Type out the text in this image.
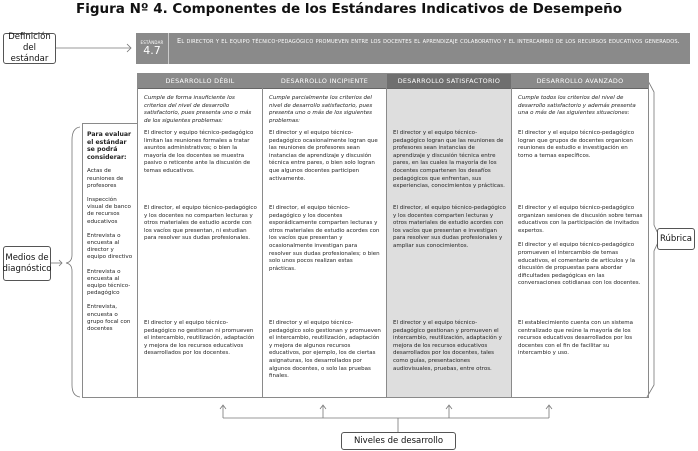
Figura Nº 4. Componentes de los Estándares Indicativos de Desempeño
Definición del estándar
Medios de diagnóstico
Rúbrica
Niveles de desarrollo
ESTÁNDAR
4.7
El director y el equipo técnico-pedagógico promueven entre los docentes el aprendizaje colaborativo y el intercambio de los recursos educativos generados.
Para evaluar el estándar se podrá considerar:
Actas de reuniones de profesores
Inspección visual de banco de recursos educativos
Entrevista o encuesta al director y equipo directivo
Entrevista o encuesta al equipo técnico-pedagógico
Entrevista, encuesta o grupo focal con docentes
DESARROLLO DÉBIL
Cumple de forma insuficiente los criterios del nivel de desarrollo satisfactorio, pues presenta uno o más de los siguientes problemas:
El director y equipo técnico-pedagógico limitan las reuniones formales a tratar asuntos administrativos; o bien la mayoría de los docentes se muestra pasivo o reticente ante la discusión de temas educativos.
El director, el equipo técnico-pedagógico y los docentes no comparten lecturas y otros materiales de estudio acorde con los vacíos que presentan, ni estudian para resolver sus dudas profesionales.
El director y el equipo técnico-pedagógico no gestionan ni promueven el intercambio, reutilización, adaptación y mejora de los recursos educativos desarrollados por los docentes.
DESARROLLO INCIPIENTE
Cumple parcialmente los criterios del nivel de desarrollo satisfactorio, pues presenta uno o más de los siguientes problemas:
El director y el equipo técnico-pedagógico ocasionalmente logran que las reuniones de profesores sean instancias de aprendizaje y discusión técnica entre pares, o bien solo logran que algunos docentes participen activamente.
El director, el equipo técnico-pedagógico y los docentes esporádicamente comparten lecturas y otros materiales de estudio acordes con los vacíos que presentan y ocasionalmente investigan para resolver sus dudas profesionales; o bien solo unos pocos realizan estas prácticas.
El director y el equipo técnico-pedagógico solo gestionan y promueven el intercambio, reutilización, adaptación y mejora de algunos recursos educativos, por ejemplo, los de ciertas asignaturas, los desarrollados por algunos docentes, o solo las pruebas finales.
DESARROLLO SATISFACTORIO
El director y el equipo técnico-pedagógico logran que las reuniones de profesores sean instancias de aprendizaje y discusión técnica entre pares, en las cuales la mayoría de los docentes compartenen los desafíos pedagógicos que enfrentan, sus experiencias, conocimientos y prácticas.
El director, el equipo técnico-pedagógico y los docentes comparten lecturas y otros materiales de estudio acordes con los vacíos que presentan e investigan para resolver sus dudas profesionales y ampliar sus conocimientos.
El director y el equipo técnico-pedagógico gestionan y promueven el intercambio, reutilización, adaptación y mejora de los recursos educativos desarrollados por los docentes, tales como guías, presentaciones audiovisuales, pruebas, entre otros.
DESARROLLO AVANZADO
Cumple todos los criterios del nivel de desarrollo satisfactorio y además presenta una o más de las siguientes situaciones:
El director y el equipo técnico-pedagógico logran que grupos de docentes organicen reuniones de estudio e investigación en torno a temas específicos.
El director y el equipo técnico-pedagógico organizan sesiones de discusión sobre temas educativos con la participación de invitados expertos.
El director y el equipo técnico-pedagógico promueven el intercambio de temas educativos, el comentario de artículos y la discusión de propuestas para abordar dificultades pedagógicas en las conversaciones cotidianas con los docentes.
El establecimiento cuenta con un sistema centralizado que reúne la mayoría de los recursos educativos desarrollados por los docentes con el fin de facilitar su intercambio y uso.
